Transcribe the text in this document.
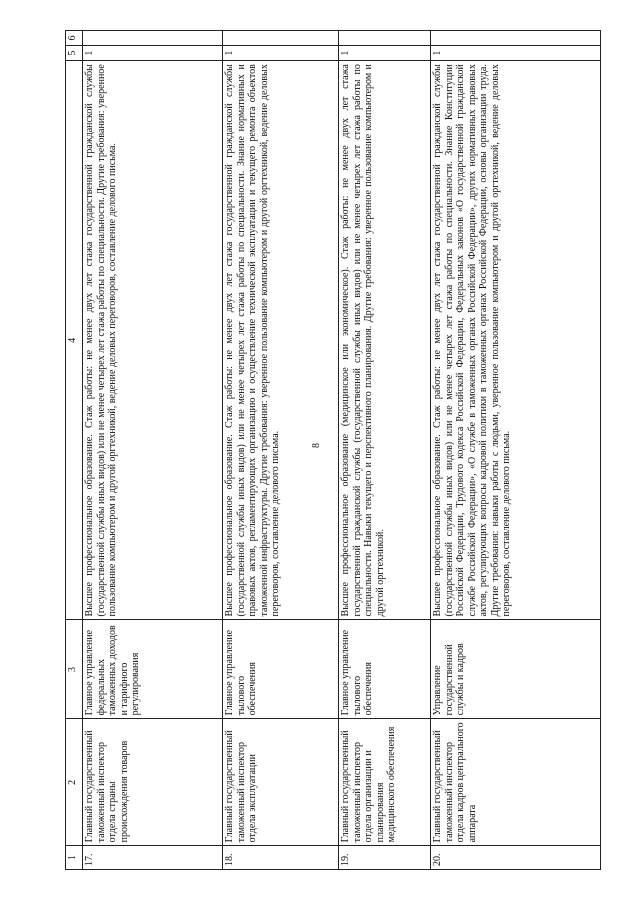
8
1	2	3	4	5	6
17.	Главный государственный таможенный инспектор отдела страны происхождения товаров	Главное управление федеральных таможенных доходов и тарифного регулирования	Высшее профессиональное образование. Стаж работы: не менее двух лет стажа государственной гражданской службы (государственной службы иных видов) или не менее четырех лет стажа работы по специальности. Другие требования: уверенное пользование компьютером и другой оргтехникой, ведение деловых переговоров, составление делового письма.	1	
18.	Главный государственный таможенный инспектор отдела эксплуатации	Главное управление тылового обеспечения	Высшее профессиональное образование. Стаж работы: не менее двух лет стажа государственной гражданской службы (государственной службы иных видов) или не менее четырех лет стажа работы по специальности. Знание нормативных и правовых актов, регламентирующих организацию и осуществление технической эксплуатации и текущего ремонта объектов таможенной инфраструктуры. Другие требования: уверенное пользование компьютером и другой оргтехникой, ведение деловых переговоров, составление делового письма.	1	
19.	Главный государственный таможенный инспектор отдела организации и планирования медицинского обеспечения	Главное управление тылового обеспечения	Высшее профессиональное образование (медицинское или экономическое). Стаж работы: не менее двух лет стажа государственной гражданской службы (государственной службы иных видов) или не менее четырех лет стажа работы по специальности. Навыки текущего и перспективного планирования. Другие требования: уверенное пользование компьютером и другой оргтехникой.	1	
20.	Главный государственный таможенный инспектор отдела кадров центрального аппарата	Управление государственной службы и кадров	Высшее профессиональное образование. Стаж работы: не менее двух лет стажа государственной гражданской службы (государственной службы иных видов) или не менее четырех лет стажа работы по специальности. Знание Конституции Российской Федерации, Трудового кодекса Российской Федерации, Федеральных законов «О государственной гражданской службе Российской Федерации», «О службе в таможенных органах Российской Федерации», других нормативных правовых актов, регулирующих вопросы кадровой политики в таможенных органах Российской Федерации, основы организации труда. Другие требования: навыки работы с людьми, уверенное пользование компьютером и другой оргтехникой, ведение деловых переговоров, составление делового письма.	1	
